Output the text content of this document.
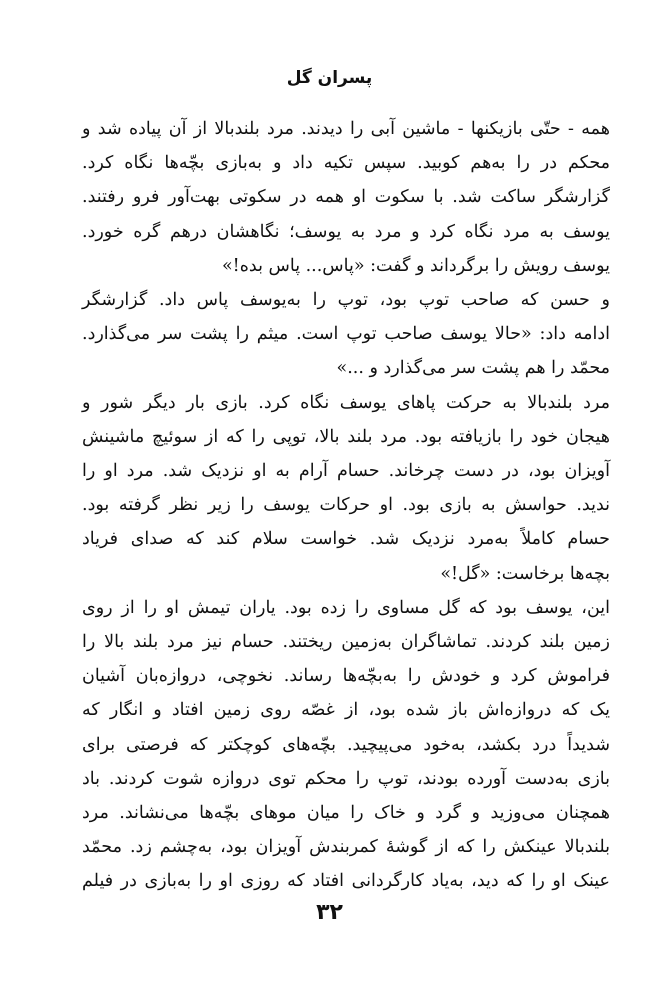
پسران گل

همه - حتّی بازیکنها - ماشین آبی را دیدند. مرد بلندبالا از آن پیاده شد و
محکم در را به‌هم کوبید. سپس تکیه داد و به‌بازی بچّه‌ها نگاه کرد.
گزارشگر ساکت شد. با سکوت او همه در سکوتی بهت‌آور فرو رفتند.
یوسف به مرد نگاه کرد و مرد به یوسف؛ نگاهشان درهم گره خورد.
یوسف رویش را برگرداند و گفت: «پاس... پاس بده!»

و حسن که صاحب توپ بود، توپ را به‌یوسف پاس داد. گزارشگر
ادامه داد: «حالا یوسف صاحب توپ است. میثم را پشت سر می‌گذارد.
محمّد را هم پشت سر می‌گذارد و ...»

مرد بلندبالا به حرکت پاهای یوسف نگاه کرد. بازی بار دیگر شور و
هیجان خود را بازیافته بود. مرد بلند بالا، توپی را که از سوئیچ ماشینش
آویزان بود، در دست چرخاند. حسام آرام به او نزدیک شد. مرد او را
ندید. حواسش به بازی بود. او حرکات یوسف را زیر نظر گرفته بود.
حسام کاملاً به‌مرد نزدیک شد. خواست سلام کند که صدای فریاد
بچه‌ها برخاست: «گل!»

این، یوسف بود که گل مساوی را زده بود. یاران تیمش او را از روی
زمین بلند کردند. تماشاگران به‌زمین ریختند. حسام نیز مرد بلند بالا را
فراموش کرد و خودش را به‌بچّه‌ها رساند. نخوچی، دروازه‌بان آشیان
یک که دروازه‌اش باز شده بود، از غصّه روی زمین افتاد و انگار که
شدیداً درد بکشد، به‌خود می‌پیچید. بچّه‌های کوچکتر که فرصتی برای
بازی به‌دست آورده بودند، توپ را محکم توی دروازه شوت کردند. باد
همچنان می‌وزید و گرد و خاک را میان موهای بچّه‌ها می‌نشاند. مرد
بلندبالا عینکش را که از گوشهٔ کمربندش آویزان بود، به‌چشم زد. محمّد
عینک او را که دید، به‌یاد کارگردانی افتاد که روزی او را به‌بازی در فیلم

۳۲
